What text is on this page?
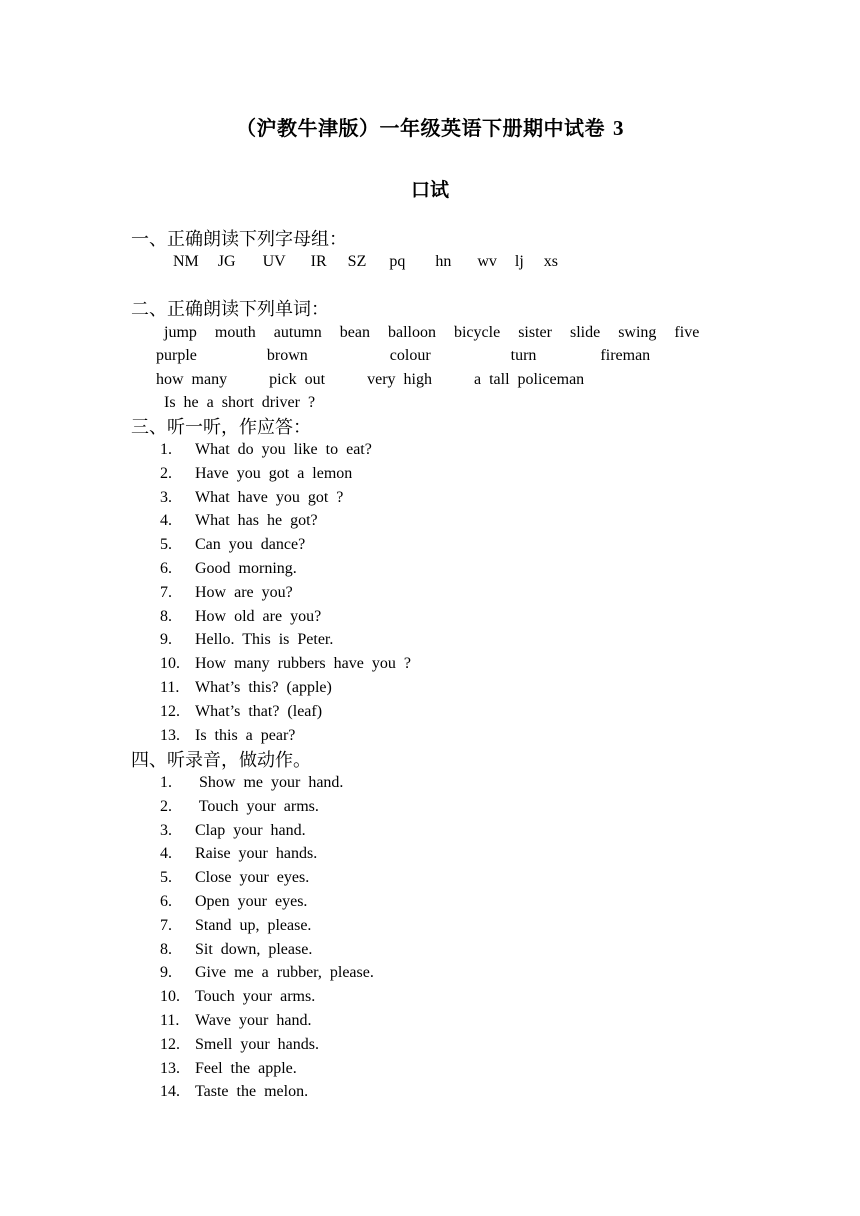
（沪教牛津版）一年级英语下册期中试卷 3
口试
一、正确朗读下列字母组：
NM JG UV IR SZ pq hn wv lj xs
二、正确朗读下列单词：
jump mouth autumn bean balloon bicycle sister slide swing five
purple	brown	colour	turn	fireman
how  many	pick  out	very  high	a  tall  policeman
Is  he  a  short  driver  ?
三、听一听，作应答：
1. What  do  you  like  to  eat?
2. Have  you  got  a  lemon
3. What  have  you  got  ?
4. What  has  he  got?
5. Can  you  dance?
6. Good  morning.
7. How  are  you?
8. How  old  are  you?
9. Hello.  This  is  Peter.
10. How  many  rubbers  have  you  ?
11. What’s  this?  (apple)
12. What’s  that?  (leaf)
13. Is  this  a  pear?
四、听录音，做动作。
1. Show  me  your  hand.
2. Touch  your  arms.
3. Clap  your  hand.
4. Raise  your  hands.
5. Close  your  eyes.
6. Open  your  eyes.
7. Stand  up,  please.
8. Sit  down,  please.
9. Give  me  a  rubber,  please.
10. Touch  your  arms.
11. Wave  your  hand.
12. Smell  your  hands.
13. Feel  the  apple.
14. Taste  the  melon.
